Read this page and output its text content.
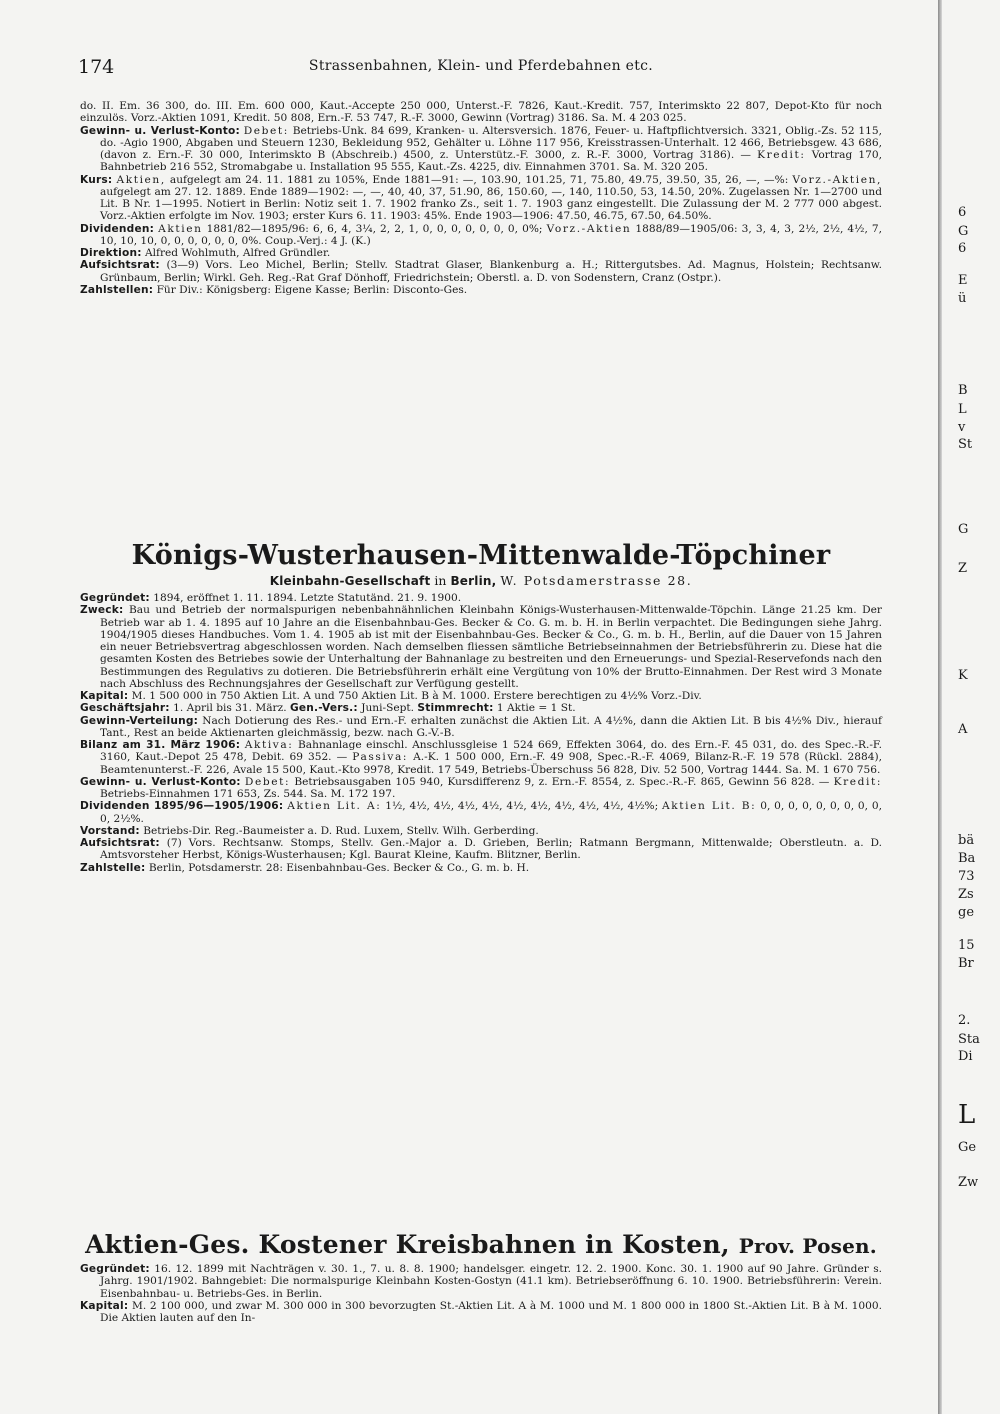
174	Strassenbahnen, Klein- und Pferdebahnen etc.

do. II. Em. 36 300, do. III. Em. 600 000, Kaut.-Accepte 250 000, Unterst.-F. 7826, Kaut.-Kredit. 757, Interimskto 22 807, Depot-Kto für noch einzulös. Vorz.-Aktien 1091, Kredit. 50 808, Ern.-F. 53 747, R.-F. 3000, Gewinn (Vortrag) 3186. Sa. M. 4 203 025.

Gewinn- u. Verlust-Konto: Debet: Betriebs-Unk. 84 699, Kranken- u. Altersversich. 1876, Feuer- u. Haftpflichtversich. 3321, Oblig.-Zs. 52 115, do. -Agio 1900, Abgaben und Steuern 1230, Bekleidung 952, Gehälter u. Löhne 117 956, Kreisstrassen-Unterhalt. 12 466, Betriebsgew. 43 686, (davon z. Ern.-F. 30 000, Interimskto B (Abschreib.) 4500, z. Unterstütz.-F. 3000, z. R.-F. 3000, Vortrag 3186). — Kredit: Vortrag 170, Bahnbetrieb 216 552, Stromabgabe u. Installation 95 555, Kaut.-Zs. 4225, div. Einnahmen 3701. Sa. M. 320 205.

Kurs: Aktien, aufgelegt am 24. 11. 1881 zu 105%, Ende 1881—91: —, 103.90, 101.25, 71, 75.80, 49.75, 39.50, 35, 26, —, —%: Vorz.-Aktien, aufgelegt am 27. 12. 1889. Ende 1889—1902: —, —, 40, 40, 37, 51.90, 86, 150.60, —, 140, 110.50, 53, 14.50, 20%. Zugelassen Nr. 1—2700 und Lit. B Nr. 1—1995. Notiert in Berlin: Notiz seit 1. 7. 1902 franko Zs., seit 1. 7. 1903 ganz eingestellt. Die Zulassung der M. 2 777 000 abgest. Vorz.-Aktien erfolgte im Nov. 1903; erster Kurs 6. 11. 1903: 45%. Ende 1903—1906: 47.50, 46.75, 67.50, 64.50%.

Dividenden: Aktien 1881/82—1895/96: 6, 6, 4, 3¼, 2, 2, 1, 0, 0, 0, 0, 0, 0, 0, 0%; Vorz.-Aktien 1888/89—1905/06: 3, 3, 4, 3, 2½, 2½, 4½, 7, 10, 10, 10, 0, 0, 0, 0, 0, 0, 0%. Coup.-Verj.: 4 J. (K.)

Direktion: Alfred Wohlmuth, Alfred Gründler.

Aufsichtsrat: (3—9) Vors. Leo Michel, Berlin; Stellv. Stadtrat Glaser, Blankenburg a. H.; Rittergutsbes. Ad. Magnus, Holstein; Rechtsanw. Grünbaum, Berlin; Wirkl. Geh. Reg.-Rat Graf Dönhoff, Friedrichstein; Oberstl. a. D. von Sodenstern, Cranz (Ostpr.).

Zahlstellen: Für Div.: Königsberg: Eigene Kasse; Berlin: Disconto-Ges.

Königs-Wusterhausen-Mittenwalde-Töpchiner
Kleinbahn-Gesellschaft in Berlin, W. Potsdamerstrasse 28.

Gegründet: 1894, eröffnet 1. 11. 1894. Letzte Statutänd. 21. 9. 1900.

Zweck: Bau und Betrieb der normalspurigen nebenbahnähnlichen Kleinbahn Königs-Wusterhausen-Mittenwalde-Töpchin. Länge 21.25 km. Der Betrieb war ab 1. 4. 1895 auf 10 Jahre an die Eisenbahnbau-Ges. Becker & Co. G. m. b. H. in Berlin verpachtet. Die Bedingungen siehe Jahrg. 1904/1905 dieses Handbuches. Vom 1. 4. 1905 ab ist mit der Eisenbahnbau-Ges. Becker & Co., G. m. b. H., Berlin, auf die Dauer von 15 Jahren ein neuer Betriebsvertrag abgeschlossen worden. Nach demselben fliessen sämtliche Betriebseinnahmen der Betriebsführerin zu. Diese hat die gesamten Kosten des Betriebes sowie der Unterhaltung der Bahnanlage zu bestreiten und den Erneuerungs- und Spezial-Reservefonds nach den Bestimmungen des Regulativs zu dotieren. Die Betriebsführerin erhält eine Vergütung von 10% der Brutto-Einnahmen. Der Rest wird 3 Monate nach Abschluss des Rechnungsjahres der Gesellschaft zur Verfügung gestellt.

Kapital: M. 1 500 000 in 750 Aktien Lit. A und 750 Aktien Lit. B à M. 1000. Erstere berechtigen zu 4½% Vorz.-Div.

Geschäftsjahr: 1. April bis 31. März. Gen.-Vers.: Juni-Sept. Stimmrecht: 1 Aktie = 1 St.

Gewinn-Verteilung: Nach Dotierung des Res.- und Ern.-F. erhalten zunächst die Aktien Lit. A 4½%, dann die Aktien Lit. B bis 4½% Div., hierauf Tant., Rest an beide Aktienarten gleichmässig, bezw. nach G.-V.-B.

Bilanz am 31. März 1906: Aktiva: Bahnanlage einschl. Anschlussgleise 1 524 669, Effekten 3064, do. des Ern.-F. 45 031, do. des Spec.-R.-F. 3160, Kaut.-Depot 25 478, Debit. 69 352. — Passiva: A.-K. 1 500 000, Ern.-F. 49 908, Spec.-R.-F. 4069, Bilanz-R.-F. 19 578 (Rückl. 2884), Beamtenunterst.-F. 226, Avale 15 500, Kaut.-Kto 9978, Kredit. 17 549, Betriebs-Überschuss 56 828, Div. 52 500, Vortrag 1444. Sa. M. 1 670 756.

Gewinn- u. Verlust-Konto: Debet: Betriebsausgaben 105 940, Kursdifferenz 9, z. Ern.-F. 8554, z. Spec.-R.-F. 865, Gewinn 56 828. — Kredit: Betriebs-Einnahmen 171 653, Zs. 544. Sa. M. 172 197.

Dividenden 1895/96—1905/1906: Aktien Lit. A: 1½, 4½, 4½, 4½, 4½, 4½, 4½, 4½, 4½, 4½, 4½%; Aktien Lit. B: 0, 0, 0, 0, 0, 0, 0, 0, 0, 0, 2½%.

Vorstand: Betriebs-Dir. Reg.-Baumeister a. D. Rud. Luxem, Stellv. Wilh. Gerberding.

Aufsichtsrat: (7) Vors. Rechtsanw. Stomps, Stellv. Gen.-Major a. D. Grieben, Berlin; Ratmann Bergmann, Mittenwalde; Oberstleutn. a. D. Amtsvorsteher Herbst, Königs-Wusterhausen; Kgl. Baurat Kleine, Kaufm. Blitzner, Berlin.

Zahlstelle: Berlin, Potsdamerstr. 28: Eisenbahnbau-Ges. Becker & Co., G. m. b. H.

Aktien-Ges. Kostener Kreisbahnen in Kosten, Prov. Posen.

Gegründet: 16. 12. 1899 mit Nachträgen v. 30. 1., 7. u. 8. 8. 1900; handelsger. eingetr. 12. 2. 1900. Konc. 30. 1. 1900 auf 90 Jahre. Gründer s. Jahrg. 1901/1902. Bahngebiet: Die normalspurige Kleinbahn Kosten-Gostyn (41.1 km). Betriebseröffnung 6. 10. 1900. Betriebsführerin: Verein. Eisenbahnbau- u. Betriebs-Ges. in Berlin.

Kapital: M. 2 100 000, und zwar M. 300 000 in 300 bevorzugten St.-Aktien Lit. A à M. 1000 und M. 1 800 000 in 1800 St.-Aktien Lit. B à M. 1000. Die Aktien lauten auf den In-

6
G
6
E
ü
B
L
v
St
G
Z
K
A
bä
Ba
73
Zs
ge
15
Br
2.
Sta
Di
L
Ge
Zw
